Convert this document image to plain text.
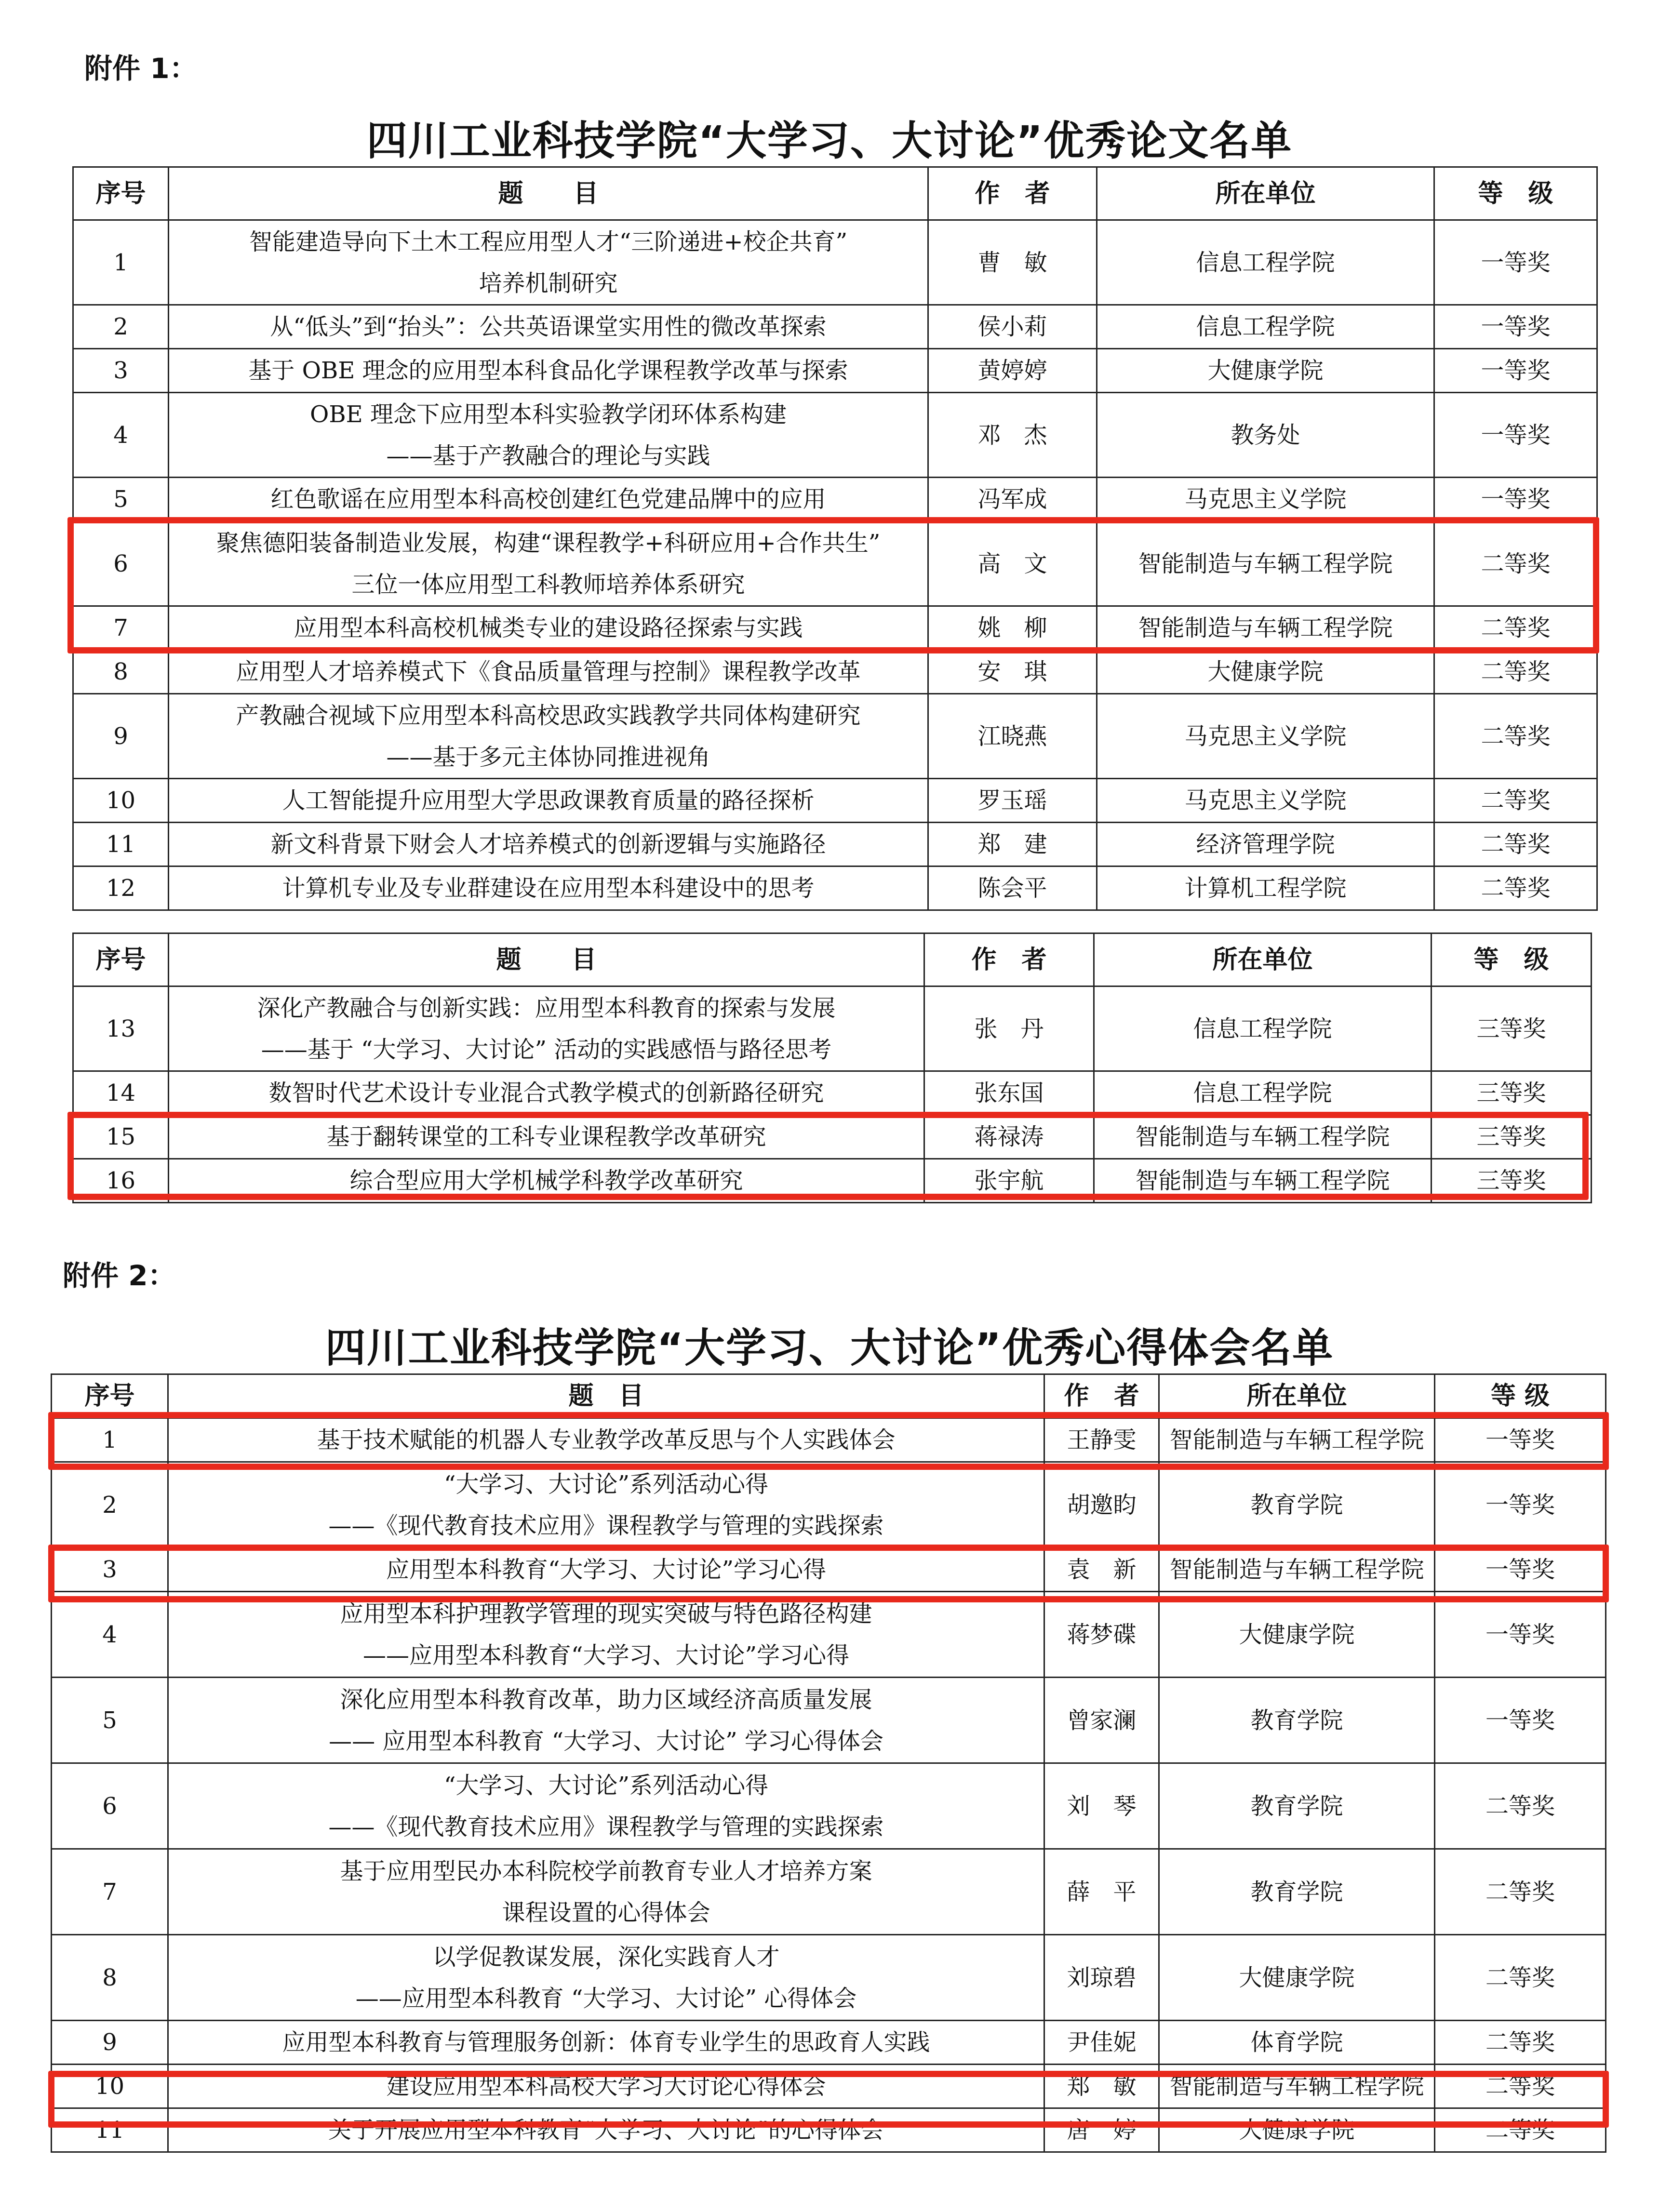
附件 1：
四川工业科技学院“大学习、大讨论”优秀论文名单
序号	题　　目	作　者	所在单位	等　级
1	智能建造导向下土木工程应用型人才“三阶递进+校企共育”
培养机制研究	曹　敏	信息工程学院	一等奖
2	从“低头”到“抬头”：公共英语课堂实用性的微改革探索	侯小莉	信息工程学院	一等奖
3	基于 OBE 理念的应用型本科食品化学课程教学改革与探索	黄婷婷	大健康学院	一等奖
4	OBE 理念下应用型本科实验教学闭环体系构建
——基于产教融合的理论与实践	邓　杰	教务处	一等奖
5	红色歌谣在应用型本科高校创建红色党建品牌中的应用	冯军成	马克思主义学院	一等奖
6	聚焦德阳装备制造业发展，构建“课程教学+科研应用+合作共生”
三位一体应用型工科教师培养体系研究	高　文	智能制造与车辆工程学院	二等奖
7	应用型本科高校机械类专业的建设路径探索与实践	姚　柳	智能制造与车辆工程学院	二等奖
8	应用型人才培养模式下《食品质量管理与控制》课程教学改革	安　琪	大健康学院	二等奖
9	产教融合视域下应用型本科高校思政实践教学共同体构建研究
——基于多元主体协同推进视角	江晓燕	马克思主义学院	二等奖
10	人工智能提升应用型大学思政课教育质量的路径探析	罗玉瑶	马克思主义学院	二等奖
11	新文科背景下财会人才培养模式的创新逻辑与实施路径	郑　建	经济管理学院	二等奖
12	计算机专业及专业群建设在应用型本科建设中的思考	陈会平	计算机工程学院	二等奖
序号	题　　目	作　者	所在单位	等　级
13	深化产教融合与创新实践：应用型本科教育的探索与发展
——基于 “大学习、大讨论” 活动的实践感悟与路径思考	张　丹	信息工程学院	三等奖
14	数智时代艺术设计专业混合式教学模式的创新路径研究	张东国	信息工程学院	三等奖
15	基于翻转课堂的工科专业课程教学改革研究	蒋禄涛	智能制造与车辆工程学院	三等奖
16	综合型应用大学机械学科教学改革研究	张宇航	智能制造与车辆工程学院	三等奖
附件 2：
四川工业科技学院“大学习、大讨论”优秀心得体会名单
序号	题　目	作　者	所在单位	等 级
1	基于技术赋能的机器人专业教学改革反思与个人实践体会	王静雯	智能制造与车辆工程学院	一等奖
2	“大学习、大讨论”系列活动心得
——《现代教育技术应用》课程教学与管理的实践探索	胡邀盷	教育学院	一等奖
3	应用型本科教育“大学习、大讨论”学习心得	袁　新	智能制造与车辆工程学院	一等奖
4	应用型本科护理教学管理的现实突破与特色路径构建
——应用型本科教育“大学习、大讨论”学习心得	蒋梦碟	大健康学院	一等奖
5	深化应用型本科教育改革，助力区域经济高质量发展
—— 应用型本科教育 “大学习、大讨论” 学习心得体会	曾家澜	教育学院	一等奖
6	“大学习、大讨论”系列活动心得
——《现代教育技术应用》课程教学与管理的实践探索	刘　琴	教育学院	二等奖
7	基于应用型民办本科院校学前教育专业人才培养方案
课程设置的心得体会	薛　平	教育学院	二等奖
8	以学促教谋发展，深化实践育人才
——应用型本科教育 “大学习、大讨论” 心得体会	刘琼碧	大健康学院	二等奖
9	应用型本科教育与管理服务创新：体育专业学生的思政育人实践	尹佳妮	体育学院	二等奖
10	建设应用型本科高校大学习大讨论心得体会	郑　敏	智能制造与车辆工程学院	二等奖
11	关于开展应用型本科教育“大学习、大讨论”的心得体会	唐　婷	大健康学院	二等奖
